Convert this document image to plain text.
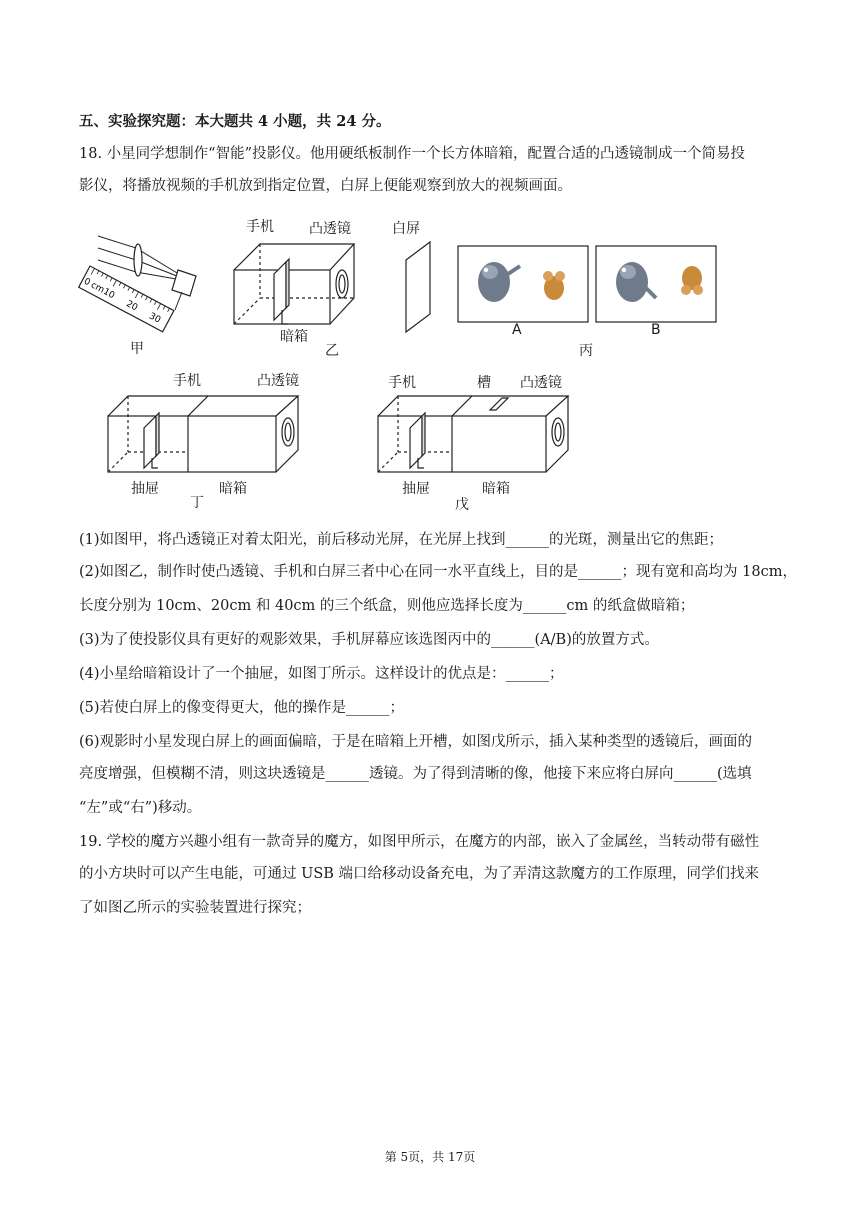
五、实验探究题：本大题共 4 小题，共 24 分。
18. 小星同学想制作“智能”投影仪。他用硬纸板制作一个长方体暗箱，配置合适的凸透镜制成一个简易投
影仪，将播放视频的手机放到指定位置，白屏上便能观察到放大的视频画面。
0
cm
10
20
30
甲
手机	凸透镜
暗箱
乙
白屏
A	B
丙
手机	凸透镜
抽屉	暗箱
丁
手机	槽 凸透镜
抽屉	暗箱
戊
(1)如图甲，将凸透镜正对着太阳光，前后移动光屏，在光屏上找到______的光斑，测量出它的焦距；
(2)如图乙，制作时使凸透镜、手机和白屏三者中心在同一水平直线上，目的是______；现有宽和高均为 18cm，
长度分别为 10cm、20cm 和 40cm 的三个纸盒，则他应选择长度为______cm 的纸盒做暗箱；
(3)为了使投影仪具有更好的观影效果，手机屏幕应该选图丙中的______(A/B)的放置方式。
(4)小星给暗箱设计了一个抽屉，如图丁所示。这样设计的优点是：______；
(5)若使白屏上的像变得更大，他的操作是______；
(6)观影时小星发现白屏上的画面偏暗，于是在暗箱上开槽，如图戊所示，插入某种类型的透镜后，画面的
亮度增强，但模糊不清，则这块透镜是______透镜。为了得到清晰的像，他接下来应将白屏向______(选填
“左”或“右”)移动。
19. 学校的魔方兴趣小组有一款奇异的魔方，如图甲所示，在魔方的内部，嵌入了金属丝，当转动带有磁性
的小方块时可以产生电能，可通过 USB 端口给移动设备充电，为了弄清这款魔方的工作原理，同学们找来
了如图乙所示的实验装置进行探究；
第 5页，共 17页
